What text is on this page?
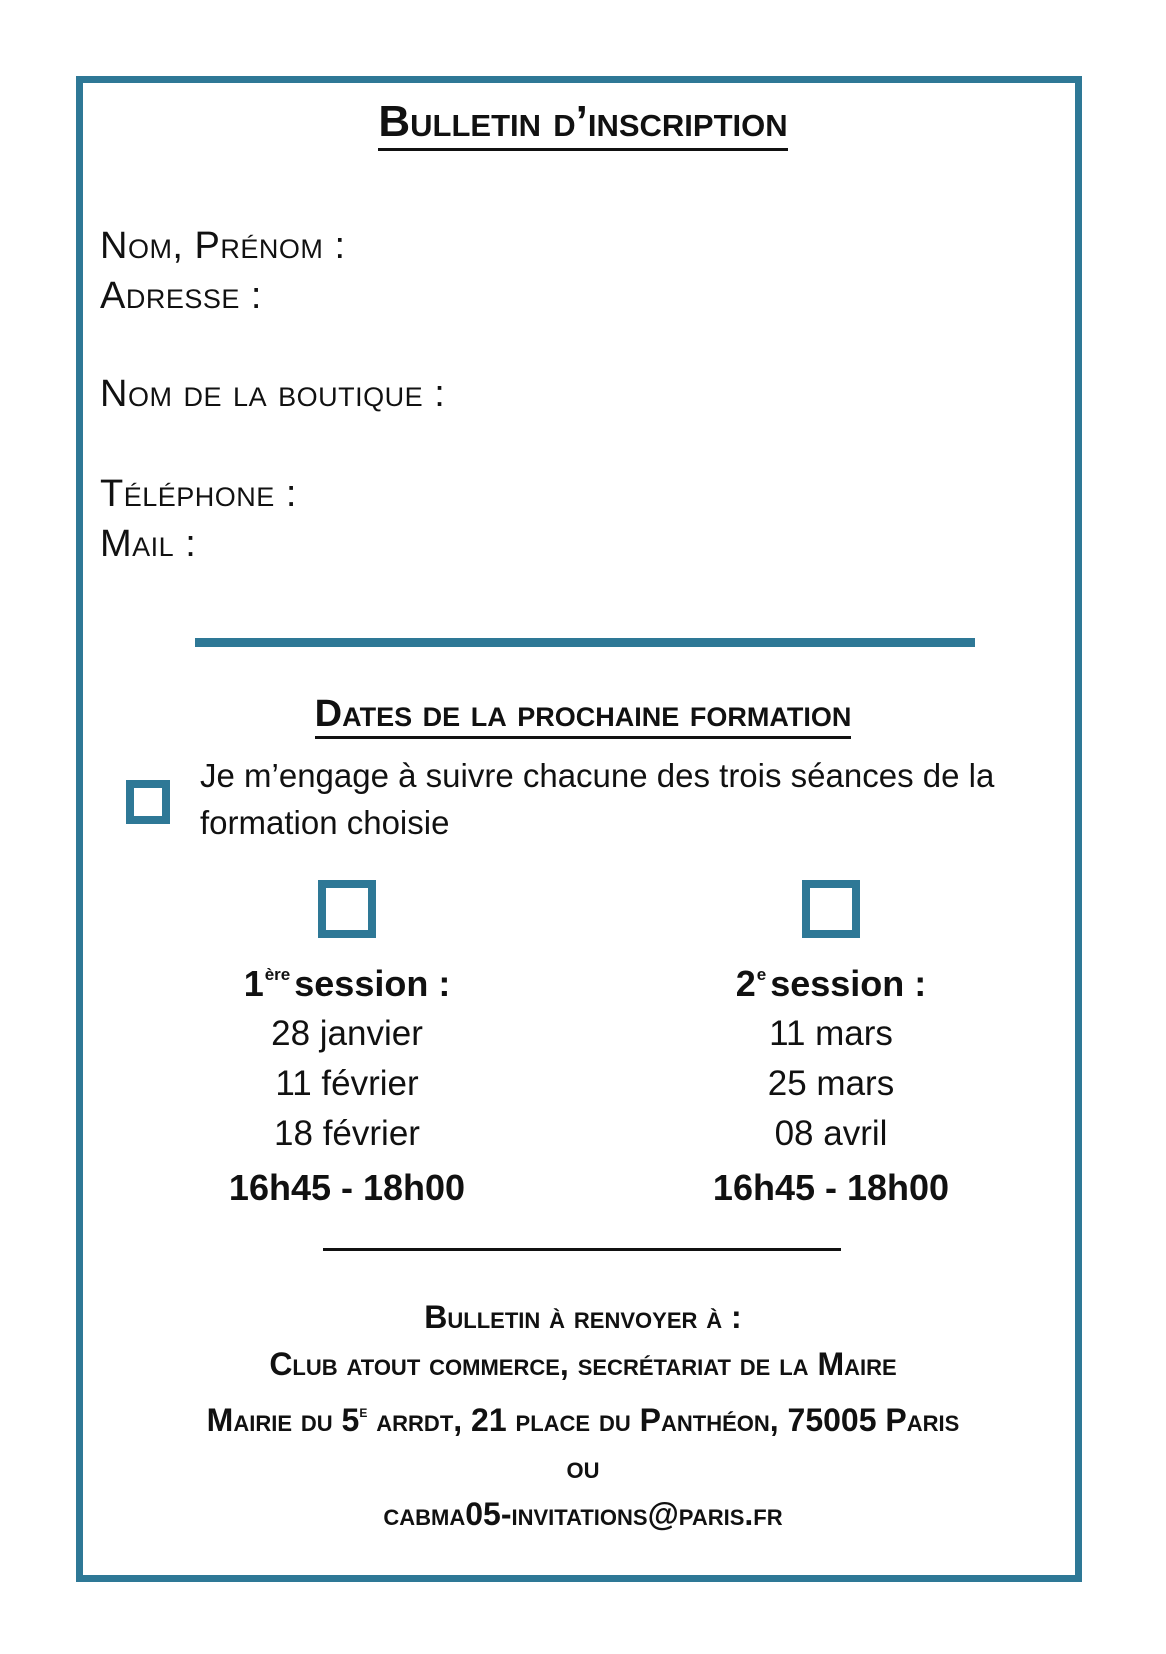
Bulletin d’inscription
Nom, Prénom :
Adresse :
Nom de la boutique :
Téléphone :
Mail :
Dates de la prochaine formation
Je m’engage à suivre chacune des trois séances de la formation choisie
1ère session :
28 janvier
11 février
18 février
16h45 - 18h00
2e session :
11 mars
25 mars
08 avril
16h45 - 18h00
Bulletin à renvoyer à :
Club atout commerce, secrétariat de la Maire
Mairie du 5e arrdt, 21 place du Panthéon, 75005 Paris
ou
cabma05-invitations@paris.fr
